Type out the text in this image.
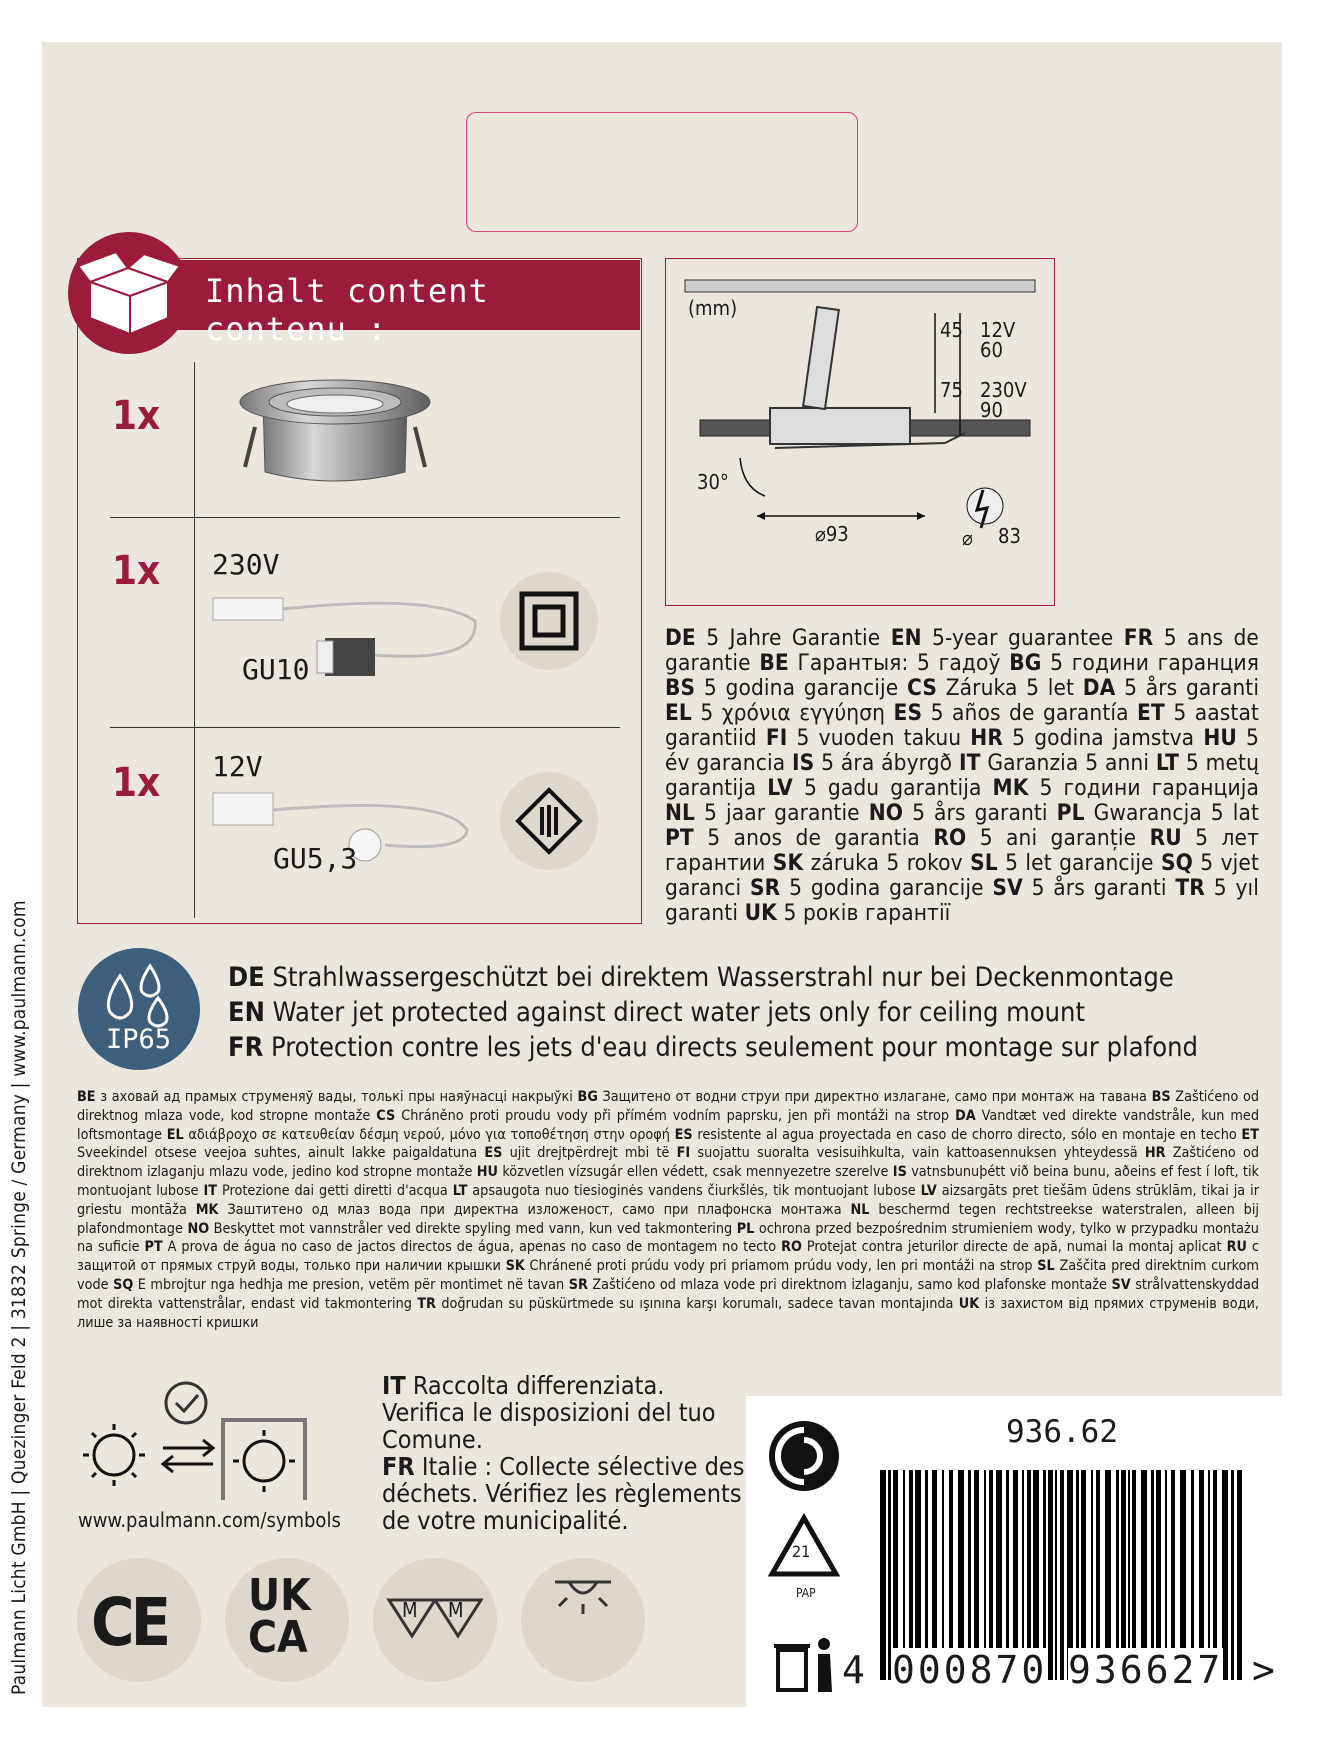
Paulmann Licht GmbH | Quezinger Feld 2 | 31832 Springe / Germany | www.paulmann.com
Inhalt content contenu :
1x
1x
1x
230V
GU10
12V
GU5,3
(mm)
45 12V
60
75 230V
90
30°
⌀93	⌀ 83
DE 5 Jahre Garantie EN 5-year guarantee FR 5 ans de garantie BE Гарантыя: 5 гадоў BG 5 години гаранция BS 5 godina garancije CS Záruka 5 let DA 5 års garanti EL 5 χρόνια εγγύηση ES 5 años de garantía ET 5 aastat garantiid FI 5 vuoden takuu HR 5 godina jamstva HU 5 év garancia IS 5 ára ábyrgð IT Garanzia 5 anni LT 5 metų garantija LV 5 gadu garantija MK 5 години гаранција NL 5 jaar garantie NO 5 års garanti PL Gwarancja 5 lat PT 5 anos de garantia RO 5 ani garanție RU 5 лет гарантии SK záruka 5 rokov SL 5 let garancije SQ 5 vjet garanci SR 5 godina garancije SV 5 års garanti TR 5 yıl garanti UK 5 років гарантії
IP65
DE Strahlwassergeschützt bei direktem Wasserstrahl nur bei Deckenmontage
EN Water jet protected against direct water jets only for ceiling mount
FR Protection contre les jets d'eau directs seulement pour montage sur plafond
BE з аховай ад прамых струменяў вады, толькі пры наяўнасці накрыўкі BG Защитено от водни струи при директно излагане, само при монтаж на тавана BS Zaštićeno od direktnog mlaza vode, kod stropne montaže CS Chráněno proti proudu vody při přímém vodním paprsku, jen při montáži na strop DA Vandtæt ved direkte vandstråle, kun med loftsmontage EL αδιάβροχο σε κατευθείαν δέσμη νερού, μόνο για τοποθέτηση στην οροφή ES resistente al agua proyectada en caso de chorro directo, sólo en montaje en techo ET Sveekindel otsese veejoa suhtes, ainult lakke paigaldatuna ES ujit drejtpërdrejt mbi të FI suojattu suoralta vesisuihkulta, vain kattoasennuksen yhteydessä HR Zaštićeno od direktnom izlaganju mlazu vode, jedino kod stropne montaže HU közvetlen vízsugár ellen védett, csak mennyezetre szerelve IS vatnsbunuþétt við beina bunu, aðeins ef fest í loft, tik montuojant lubose IT Protezione dai getti diretti d'acqua LT apsaugota nuo tiesioginės vandens čiurkšlės, tik montuojant lubose LV aizsargāts pret tiešām ūdens strūklām, tikai ja ir griestu montāža MK Заштитено од млаз вода при директна изложеност, само при плафонска монтажа NL beschermd tegen rechtstreekse waterstralen, alleen bij plafondmontage NO Beskyttet mot vannstråler ved direkte spyling med vann, kun ved takmontering PL ochrona przed bezpośrednim strumieniem wody, tylko w przypadku montażu na suficie PT A prova de água no caso de jactos directos de água, apenas no caso de montagem no tecto RO Protejat contra jeturilor directe de apă, numai la montaj aplicat RU с защитой от прямых струй воды, только при наличии крышки SK Chránené proti prúdu vody pri priamom prúdu vody, len pri montáži na strop SL Zaščita pred direktnim curkom vode SQ E mbrojtur nga hedhja me presion, vetëm për montimet në tavan SR Zaštićeno od mlaza vode pri direktnom izlaganju, samo kod plafonske montaže SV strålvattenskyddad mot direkta vattenstrålar, endast vid takmontering TR doğrudan su püskürtmede su ışınına karşı korumalı, sadece tavan montajında UK із захистом від прямих струменів води, лише за наявності кришки
www.paulmann.com/symbols
IT Raccolta differenziata. Verifica le disposizioni del tuo Comune.
FR Italie : Collecte sélective des déchets. Vérifiez les règlements de votre municipalité.
CE UK
CA
M M
936.62
21
PAP
4 000870 936627 >
